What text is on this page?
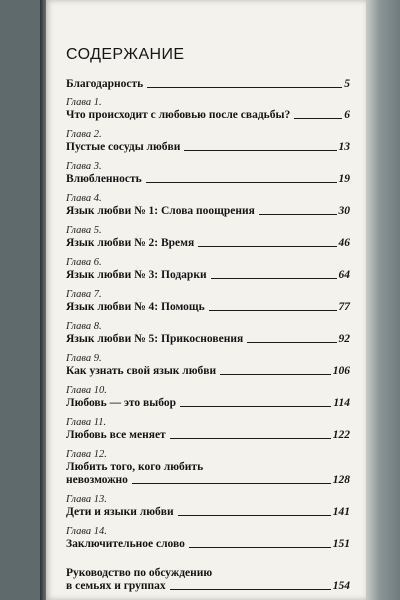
СОДЕРЖАНИЕ
Благодарность	5
Глава 1.
Что происходит с любовью после свадьбы?	6
Глава 2.
Пустые сосуды любви	13
Глава 3.
Влюбленность	19
Глава 4.
Язык любви № 1: Слова поощрения	30
Глава 5.
Язык любви № 2: Время	46
Глава 6.
Язык любви № 3: Подарки	64
Глава 7.
Язык любви № 4: Помощь	77
Глава 8.
Язык любви № 5: Прикосновения	92
Глава 9.
Как узнать свой язык любви	106
Глава 10.
Любовь — это выбор	114
Глава 11.
Любовь все меняет	122
Глава 12.
Любить того, кого любить
невозможно	128
Глава 13.
Дети и языки любви	141
Глава 14.
Заключительное слово	151
Руководство по обсуждению
в семьях и группах	154
